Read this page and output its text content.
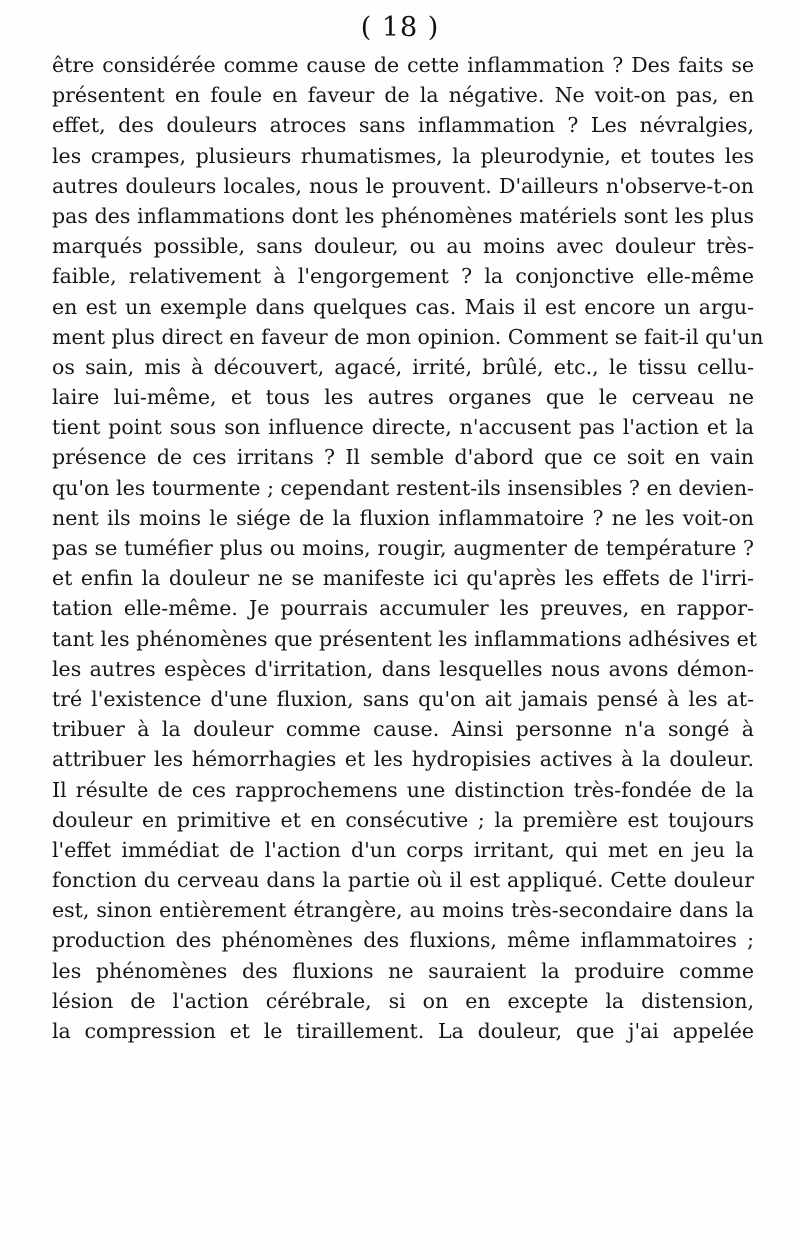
( 18 )
être considérée comme cause de cette inflammation ? Des faits se
présentent en foule en faveur de la négative. Ne voit-on pas, en
effet, des douleurs atroces sans inflammation ? Les névralgies,
les crampes, plusieurs rhumatismes, la pleurodynie, et toutes les
autres douleurs locales, nous le prouvent. D'ailleurs n'observe-t-on
pas des inflammations dont les phénomènes matériels sont les plus
marqués possible, sans douleur, ou au moins avec douleur très-
faible, relativement à l'engorgement ? la conjonctive elle-même
en est un exemple dans quelques cas. Mais il est encore un argu-
ment plus direct en faveur de mon opinion. Comment se fait-il qu'un
os sain, mis à découvert, agacé, irrité, brûlé, etc., le tissu cellu-
laire lui-même, et tous les autres organes que le cerveau ne
tient point sous son influence directe, n'accusent pas l'action et la
présence de ces irritans ? Il semble d'abord que ce soit en vain
qu'on les tourmente ; cependant restent-ils insensibles ? en devien-
nent ils moins le siége de la fluxion inflammatoire ? ne les voit-on
pas se tuméfier plus ou moins, rougir, augmenter de température ?
et enfin la douleur ne se manifeste ici qu'après les effets de l'irri-
tation elle-même. Je pourrais accumuler les preuves, en rappor-
tant les phénomènes que présentent les inflammations adhésives et
les autres espèces d'irritation, dans lesquelles nous avons démon-
tré l'existence d'une fluxion, sans qu'on ait jamais pensé à les at-
tribuer à la douleur comme cause. Ainsi personne n'a songé à
attribuer les hémorrhagies et les hydropisies actives à la douleur.
Il résulte de ces rapprochemens une distinction très-fondée de la
douleur en primitive et en consécutive ; la première est toujours
l'effet immédiat de l'action d'un corps irritant, qui met en jeu la
fonction du cerveau dans la partie où il est appliqué. Cette douleur
est, sinon entièrement étrangère, au moins très-secondaire dans la
production des phénomènes des fluxions, même inflammatoires ;
les phénomènes des fluxions ne sauraient la produire comme
lésion de l'action cérébrale, si on en excepte la distension,
la compression et le tiraillement. La douleur, que j'ai appelée
